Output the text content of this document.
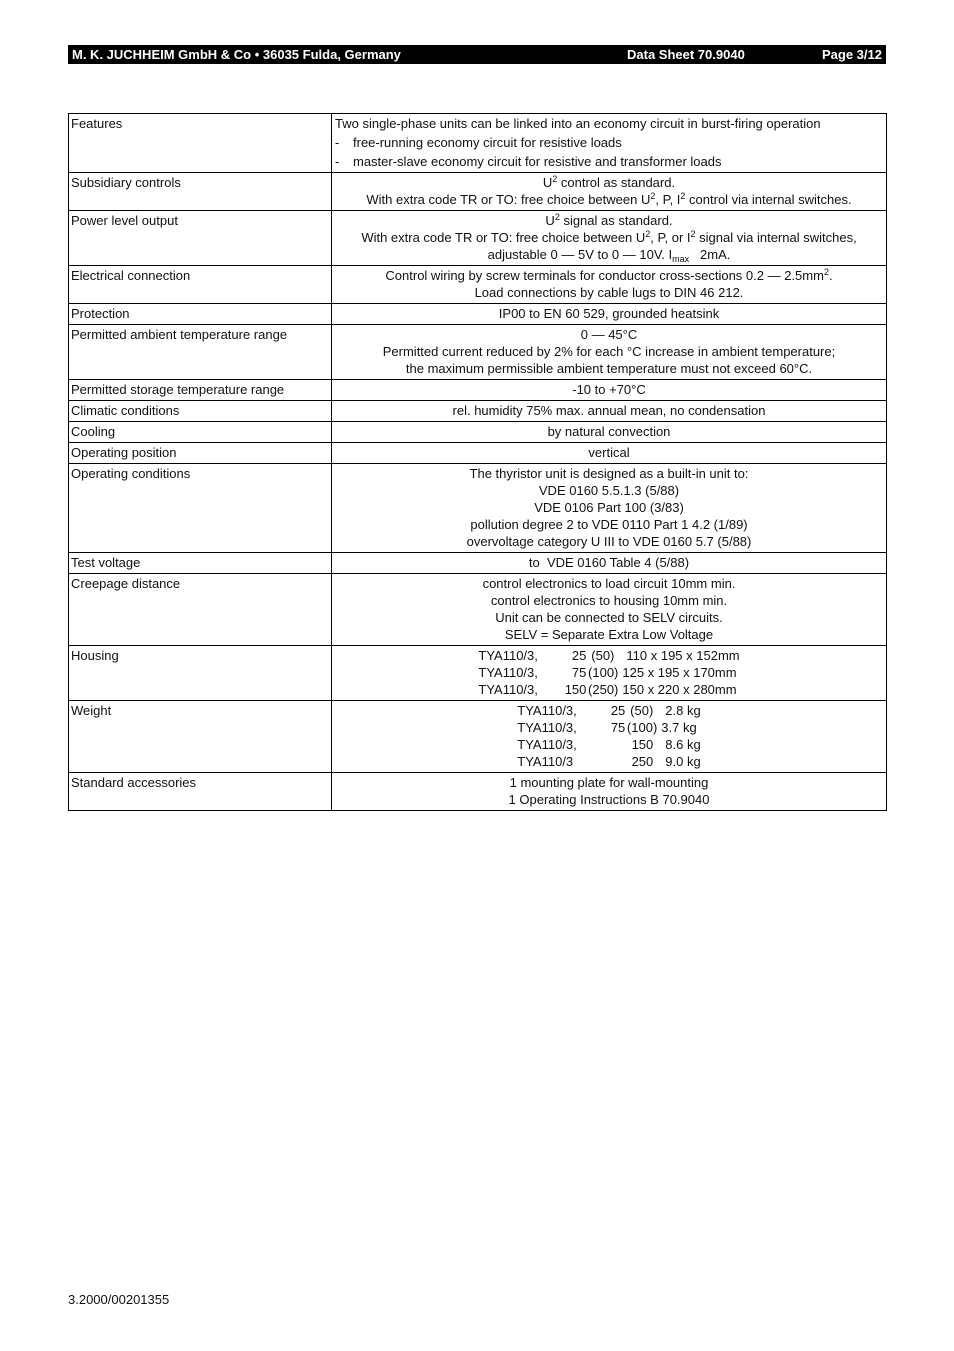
M. K. JUCHHEIM GmbH & Co • 36035 Fulda, Germany	Data Sheet 70.9040	Page 3/12
Features	Two single-phase units can be linked into an economy circuit in burst-firing operation
- free-running economy circuit for resistive loads
- master-slave economy circuit for resistive and transformer loads

Subsidiary controls	$U^2$ control as standard.
With extra code TR or TO: free choice between $U^2$, P, $I^2$ control via internal switches.

Power level output	$U^2$ signal as standard.
With extra code TR or TO: free choice between $U^2$, P, or $I^2$ signal via internal switches,
adjustable 0 — 5V to 0 — 10V. $I_{max}$   2mA.

Electrical connection	Control wiring by screw terminals for conductor cross-sections 0.2 — $2.5mm^2$.
Load connections by cable lugs to DIN 46 212.

Protection	IP00 to EN 60 529, grounded heatsink
Permitted ambient temperature range	0 — 45°C
Permitted current reduced by 2% for each °C increase in ambient temperature;
the maximum permissible ambient temperature must not exceed 60°C.

Permitted storage temperature range	-10 to +70°C
Climatic conditions	rel. humidity 75% max. annual mean, no condensation
Cooling	by natural convection
Operating position	vertical
Operating conditions	The thyristor unit is designed as a built-in unit to:
VDE 0160 5.5.1.3 (5/88)
VDE 0106 Part 100 (3/83)
pollution degree 2 to VDE 0110 Part 1 4.2 (1/89)
overvoltage category U III to VDE 0160 5.7 (5/88)

Test voltage	to  VDE 0160 Table 4 (5/88)
Creepage distance	control electronics to load circuit 10mm min.
control electronics to housing 10mm min.
Unit can be connected to SELV circuits.
SELV = Separate Extra Low Voltage

Housing	TYA110/3, 25 (50) 110 x 195 x 152mm
TYA110/3, 75 (100) 125 x 195 x 170mm
TYA110/3, 150 (250) 150 x 220 x 280mm

Weight	TYA110/3, 25 (50) 2.8 kg
TYA110/3, 75 (100) 3.7 kg
TYA110/3, 150 8.6 kg
TYA110/3 250 9.0 kg

Standard accessories	1 mounting plate for wall-mounting
1 Operating Instructions B 70.9040
3.2000/00201355
